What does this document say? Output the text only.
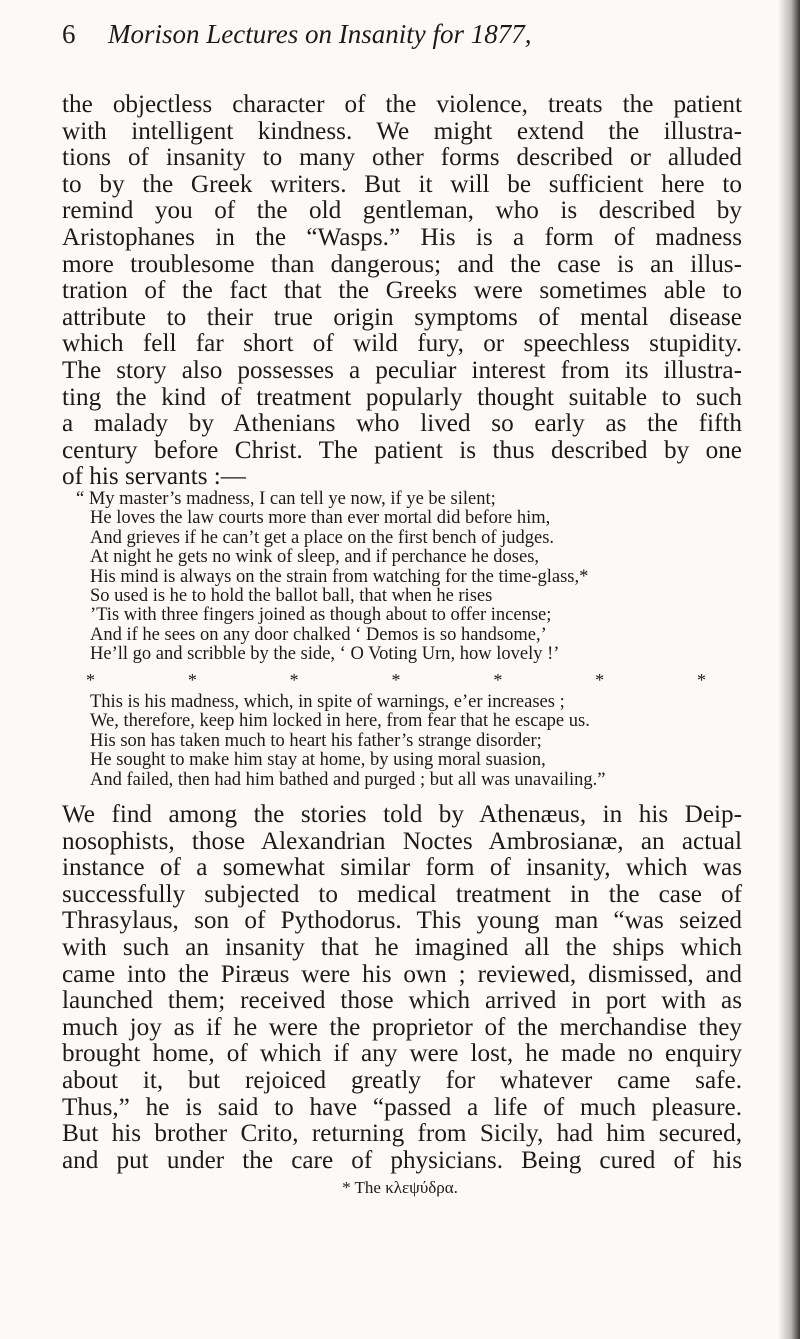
6 Morison Lectures on Insanity for 1877,
the objectless character of the violence, treats the patient
with intelligent kindness. We might extend the illustra-
tions of insanity to many other forms described or alluded
to by the Greek writers. But it will be sufficient here to
remind you of the old gentleman, who is described by
Aristophanes in the “Wasps.” His is a form of madness
more troublesome than dangerous; and the case is an illus-
tration of the fact that the Greeks were sometimes able to
attribute to their true origin symptoms of mental disease
which fell far short of wild fury, or speechless stupidity.
The story also possesses a peculiar interest from its illustra-
ting the kind of treatment popularly thought suitable to such
a malady by Athenians who lived so early as the fifth
century before Christ. The patient is thus described by one
of his servants :—
“ My master’s madness, I can tell ye now, if ye be silent;
He loves the law courts more than ever mortal did before him,
And grieves if he can’t get a place on the first bench of judges.
At night he gets no wink of sleep, and if perchance he doses,
His mind is always on the strain from watching for the time-glass,*
So used is he to hold the ballot ball, that when he rises
’Tis with three fingers joined as though about to offer incense;
And if he sees on any door chalked ‘ Demos is so handsome,’
He’ll go and scribble by the side, ‘ O Voting Urn, how lovely !’
*	*	*	*	*	*	*
This is his madness, which, in spite of warnings, e’er increases ;
We, therefore, keep him locked in here, from fear that he escape us.
His son has taken much to heart his father’s strange disorder;
He sought to make him stay at home, by using moral suasion,
And failed, then had him bathed and purged ; but all was unavailing.”
We find among the stories told by Athenæus, in his Deip-
nosophists, those Alexandrian Noctes Ambrosianæ, an actual
instance of a somewhat similar form of insanity, which was
successfully subjected to medical treatment in the case of
Thrasylaus, son of Pythodorus. This young man “was seized
with such an insanity that he imagined all the ships which
came into the Piræus were his own ; reviewed, dismissed, and
launched them; received those which arrived in port with as
much joy as if he were the proprietor of the merchandise they
brought home, of which if any were lost, he made no enquiry
about it, but rejoiced greatly for whatever came safe.
Thus,” he is said to have “passed a life of much pleasure.
But his brother Crito, returning from Sicily, had him secured,
and put under the care of physicians. Being cured of his
* The κλεψύδρα.
